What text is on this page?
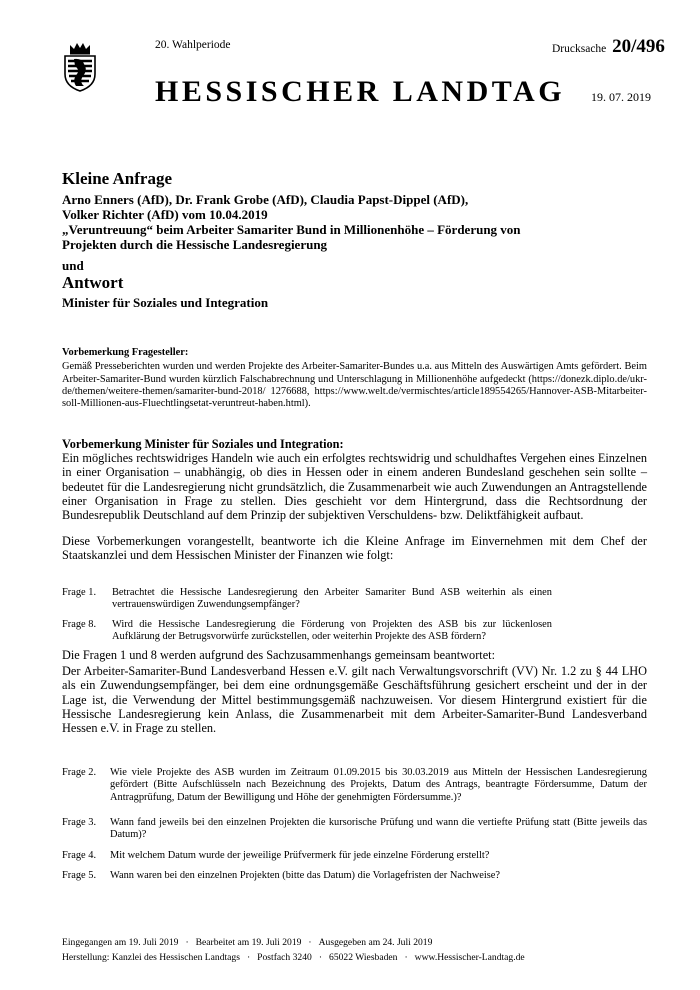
20. Wahlperiode	Drucksache 20/496
HESSISCHER LANDTAG 19. 07. 2019
Kleine Anfrage
Arno Enners (AfD), Dr. Frank Grobe (AfD), Claudia Papst-Dippel (AfD),
Volker Richter (AfD) vom 10.04.2019
„Veruntreuung“ beim Arbeiter Samariter Bund in Millionenhöhe – Förderung von Projekten durch die Hessische Landesregierung
und
Antwort
Minister für Soziales und Integration

Vorbemerkung Fragesteller:

Gemäß Presseberichten wurden und werden Projekte des Arbeiter-Samariter-Bundes u.a. aus Mitteln des Auswärtigen Amts gefördert. Beim Arbeiter-Samariter-Bund wurden kürzlich Falschabrechnung und Unterschlagung in Millionenhöhe aufgedeckt (https://donezk.diplo.de/ukr-de/themen/weitere-themen/samariter-bund-2018/ 1276688, https://www.welt.de/vermischtes/article189554265/Hannover-ASB-Mitarbeiter-soll-Millionen-aus-Fluechtlingsetat-veruntreut-haben.html).

Vorbemerkung Minister für Soziales und Integration:

Ein mögliches rechtswidriges Handeln wie auch ein erfolgtes rechtswidrig und schuldhaftes Vergehen eines Einzelnen in einer Organisation – unabhängig, ob dies in Hessen oder in einem anderen Bundesland geschehen sein sollte – bedeutet für die Landesregierung nicht grundsätzlich, die Zusammenarbeit wie auch Zuwendungen an Antragstellende einer Organisation in Frage zu stellen. Dies geschieht vor dem Hintergrund, dass die Rechtsordnung der Bundesrepublik Deutschland auf dem Prinzip der subjektiven Verschuldens- bzw. Deliktfähigkeit aufbaut.

Diese Vorbemerkungen vorangestellt, beantworte ich die Kleine Anfrage im Einvernehmen mit dem Chef der Staatskanzlei und dem Hessischen Minister der Finanzen wie folgt:

Frage 1.	Betrachtet die Hessische Landesregierung den Arbeiter Samariter Bund ASB weiterhin als einen vertrauenswürdigen Zuwendungsempfänger?
Frage 8.	Wird die Hessische Landesregierung die Förderung von Projekten des ASB bis zur lückenlosen Aufklärung der Betrugsvorwürfe zurückstellen, oder weiterhin Projekte des ASB fördern?

Die Fragen 1 und 8 werden aufgrund des Sachzusammenhangs gemeinsam beantwortet:

Der Arbeiter-Samariter-Bund Landesverband Hessen e.V. gilt nach Verwaltungsvorschrift (VV) Nr. 1.2 zu § 44 LHO als ein Zuwendungsempfänger, bei dem eine ordnungsgemäße Geschäftsführung gesichert erscheint und der in der Lage ist, die Verwendung der Mittel bestimmungsgemäß nachzuweisen. Vor diesem Hintergrund existiert für die Hessische Landesregierung kein Anlass, die Zusammenarbeit mit dem Arbeiter-Samariter-Bund Landesverband Hessen e.V. in Frage zu stellen.

Frage 2.	Wie viele Projekte des ASB wurden im Zeitraum 01.09.2015 bis 30.03.2019 aus Mitteln der Hessischen Landesregierung gefördert (Bitte Aufschlüsseln nach Bezeichnung des Projekts, Datum des Antrags, beantragte Fördersumme, Datum der Antragprüfung, Datum der Bewilligung und Höhe der genehmigten Fördersumme.)?
Frage 3.	Wann fand jeweils bei den einzelnen Projekten die kursorische Prüfung und wann die vertiefte Prüfung statt (Bitte jeweils das Datum)?
Frage 4.	Mit welchem Datum wurde der jeweilige Prüfvermerk für jede einzelne Förderung erstellt?
Frage 5.	Wann waren bei den einzelnen Projekten (bitte das Datum) die Vorlagefristen der Nachweise?
Eingegangen am 19. Juli 2019 · Bearbeitet am 19. Juli 2019 · Ausgegeben am 24. Juli 2019
Herstellung: Kanzlei des Hessischen Landtags · Postfach 3240 · 65022 Wiesbaden · www.Hessischer-Landtag.de
